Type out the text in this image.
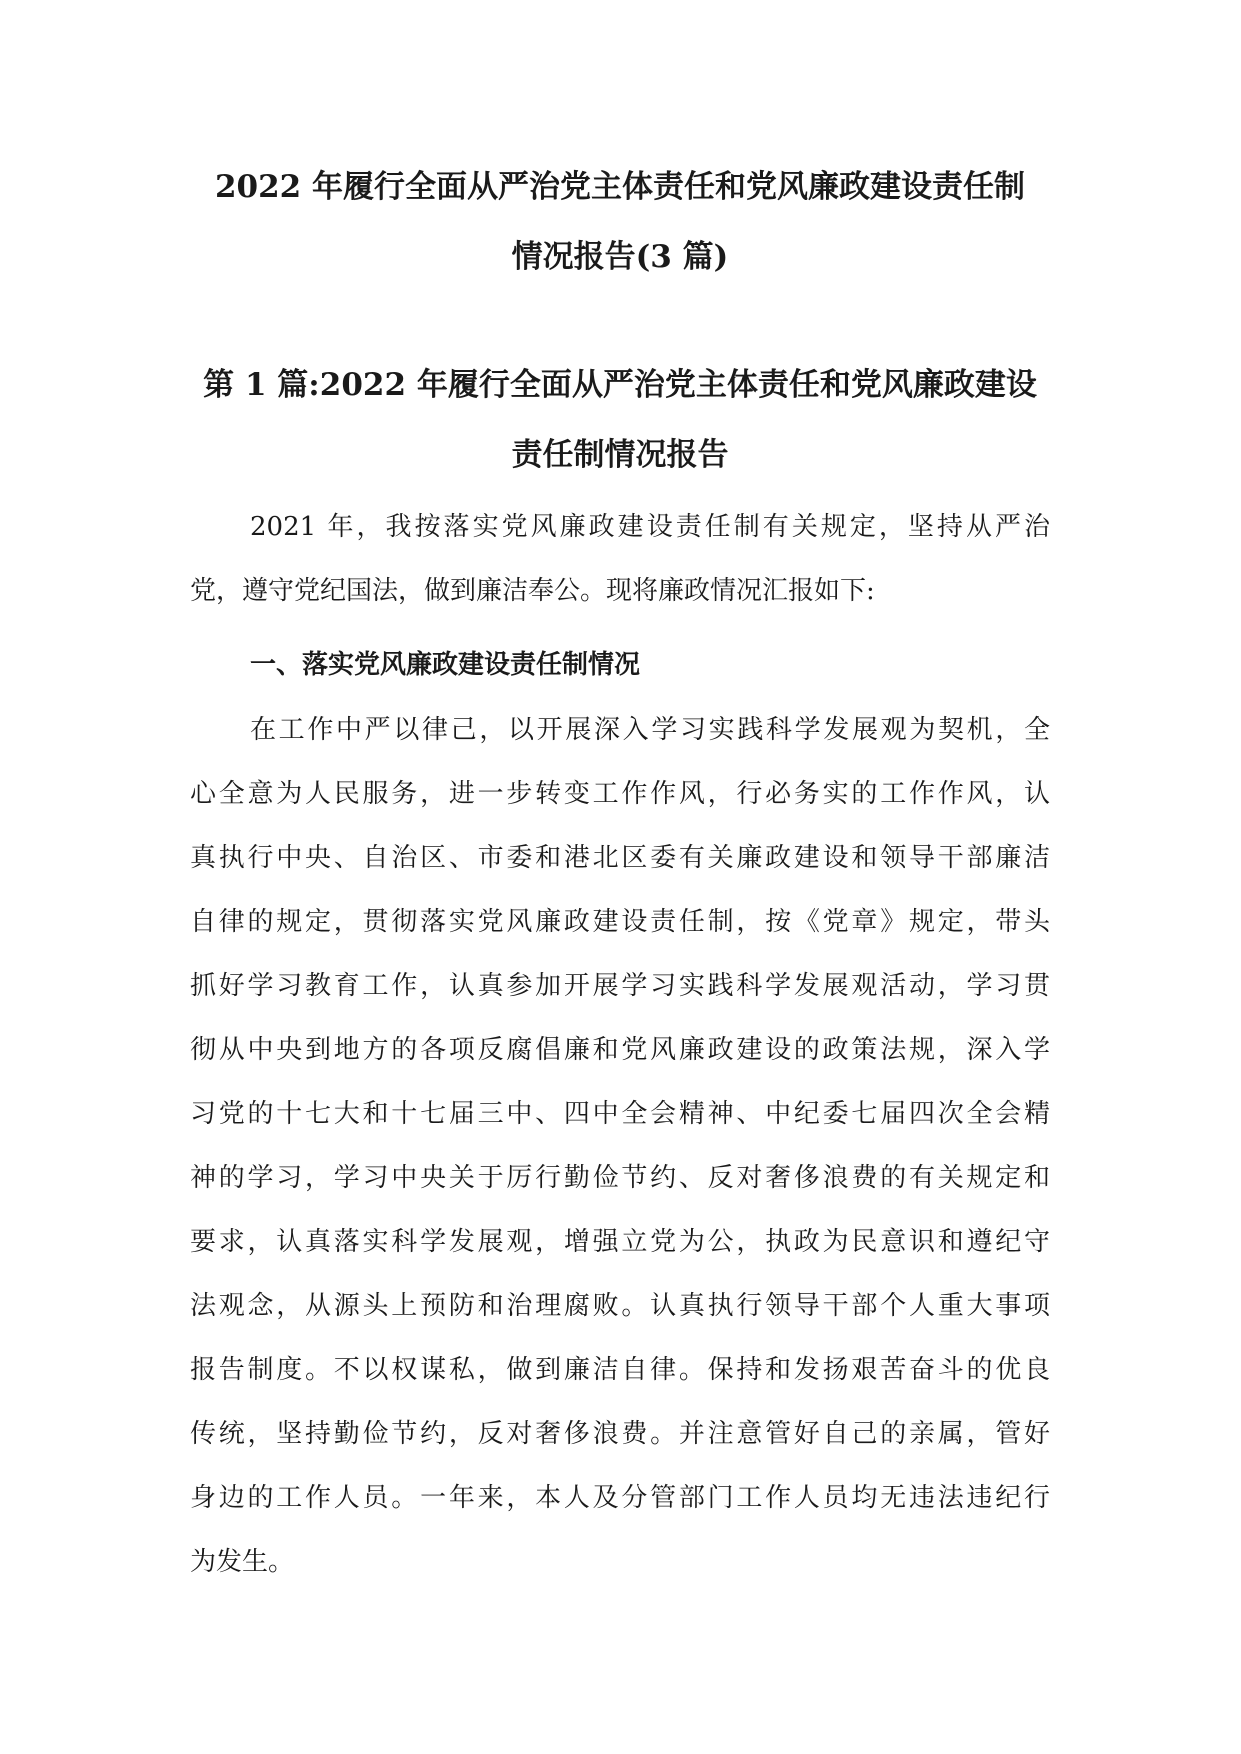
2022 年履行全面从严治党主体责任和党风廉政建设责任制
情况报告(3 篇)
第 1 篇:2022 年履行全面从严治党主体责任和党风廉政建设
责任制情况报告

2021 年，我按落实党风廉政建设责任制有关规定，坚持从严治
党，遵守党纪国法，做到廉洁奉公。现将廉政情况汇报如下:

一、落实党风廉政建设责任制情况

在工作中严以律己，以开展深入学习实践科学发展观为契机，全
心全意为人民服务，进一步转变工作作风，行必务实的工作作风，认
真执行中央、自治区、市委和港北区委有关廉政建设和领导干部廉洁
自律的规定，贯彻落实党风廉政建设责任制，按《党章》规定，带头
抓好学习教育工作，认真参加开展学习实践科学发展观活动，学习贯
彻从中央到地方的各项反腐倡廉和党风廉政建设的政策法规，深入学
习党的十七大和十七届三中、四中全会精神、中纪委七届四次全会精
神的学习，学习中央关于厉行勤俭节约、反对奢侈浪费的有关规定和
要求，认真落实科学发展观，增强立党为公，执政为民意识和遵纪守
法观念，从源头上预防和治理腐败。认真执行领导干部个人重大事项
报告制度。不以权谋私，做到廉洁自律。保持和发扬艰苦奋斗的优良
传统，坚持勤俭节约，反对奢侈浪费。并注意管好自己的亲属，管好
身边的工作人员。一年来，本人及分管部门工作人员均无违法违纪行
为发生。
